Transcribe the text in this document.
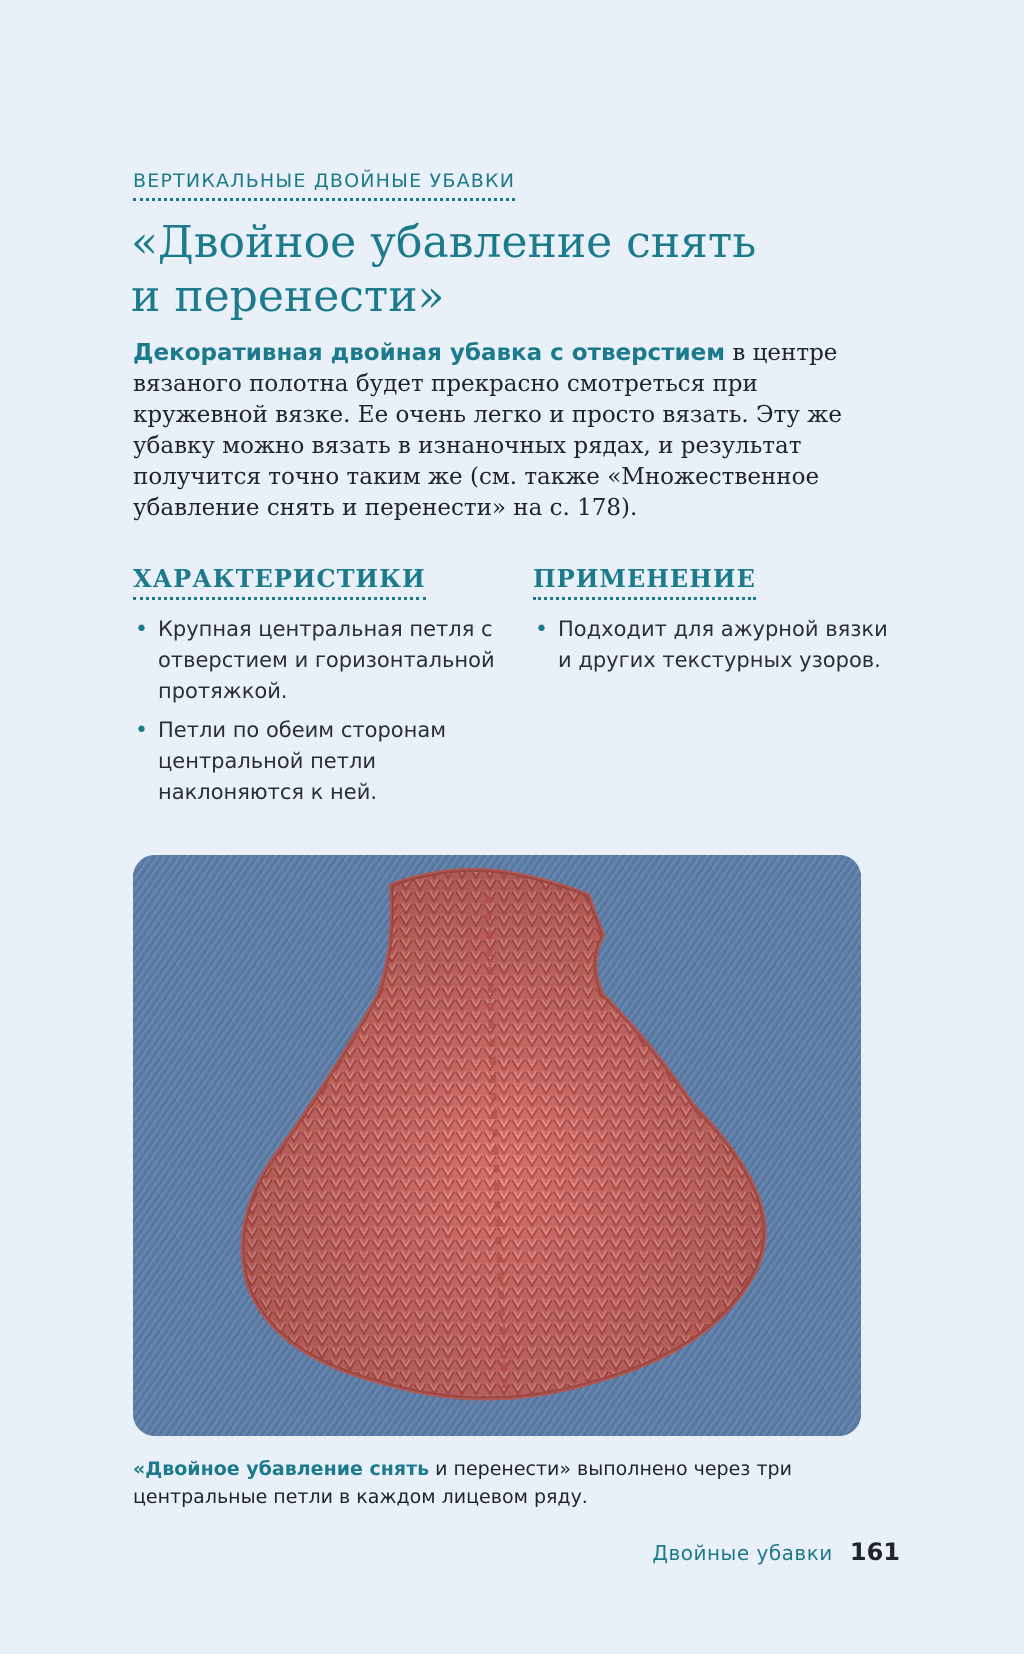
ВЕРТИКАЛЬНЫЕ ДВОЙНЫЕ УБАВКИ
«Двойное убавление снять
и перенести»

Декоративная двойная убавка с отверстием в центре вязаного полотна будет прекрасно смотреться при кружевной вязке. Ее очень легко и просто вязать. Эту же убавку можно вязать в изнаночных рядах, и результат получится точно таким же (см. также «Множественное убавление снять и перенести» на с. 178).

ХАРАКТЕРИСТИКИ
• Крупная центральная петля с отверстием и горизонтальной протяжкой.
• Петли по обеим сторонам центральной петли наклоняются к ней.
ПРИМЕНЕНИЕ
• Подходит для ажурной вязки и других текстурных узоров.

«Двойное убавление снять и перенести» выполнено через три центральные петли в каждом лицевом ряду.

Двойные убавки 161
